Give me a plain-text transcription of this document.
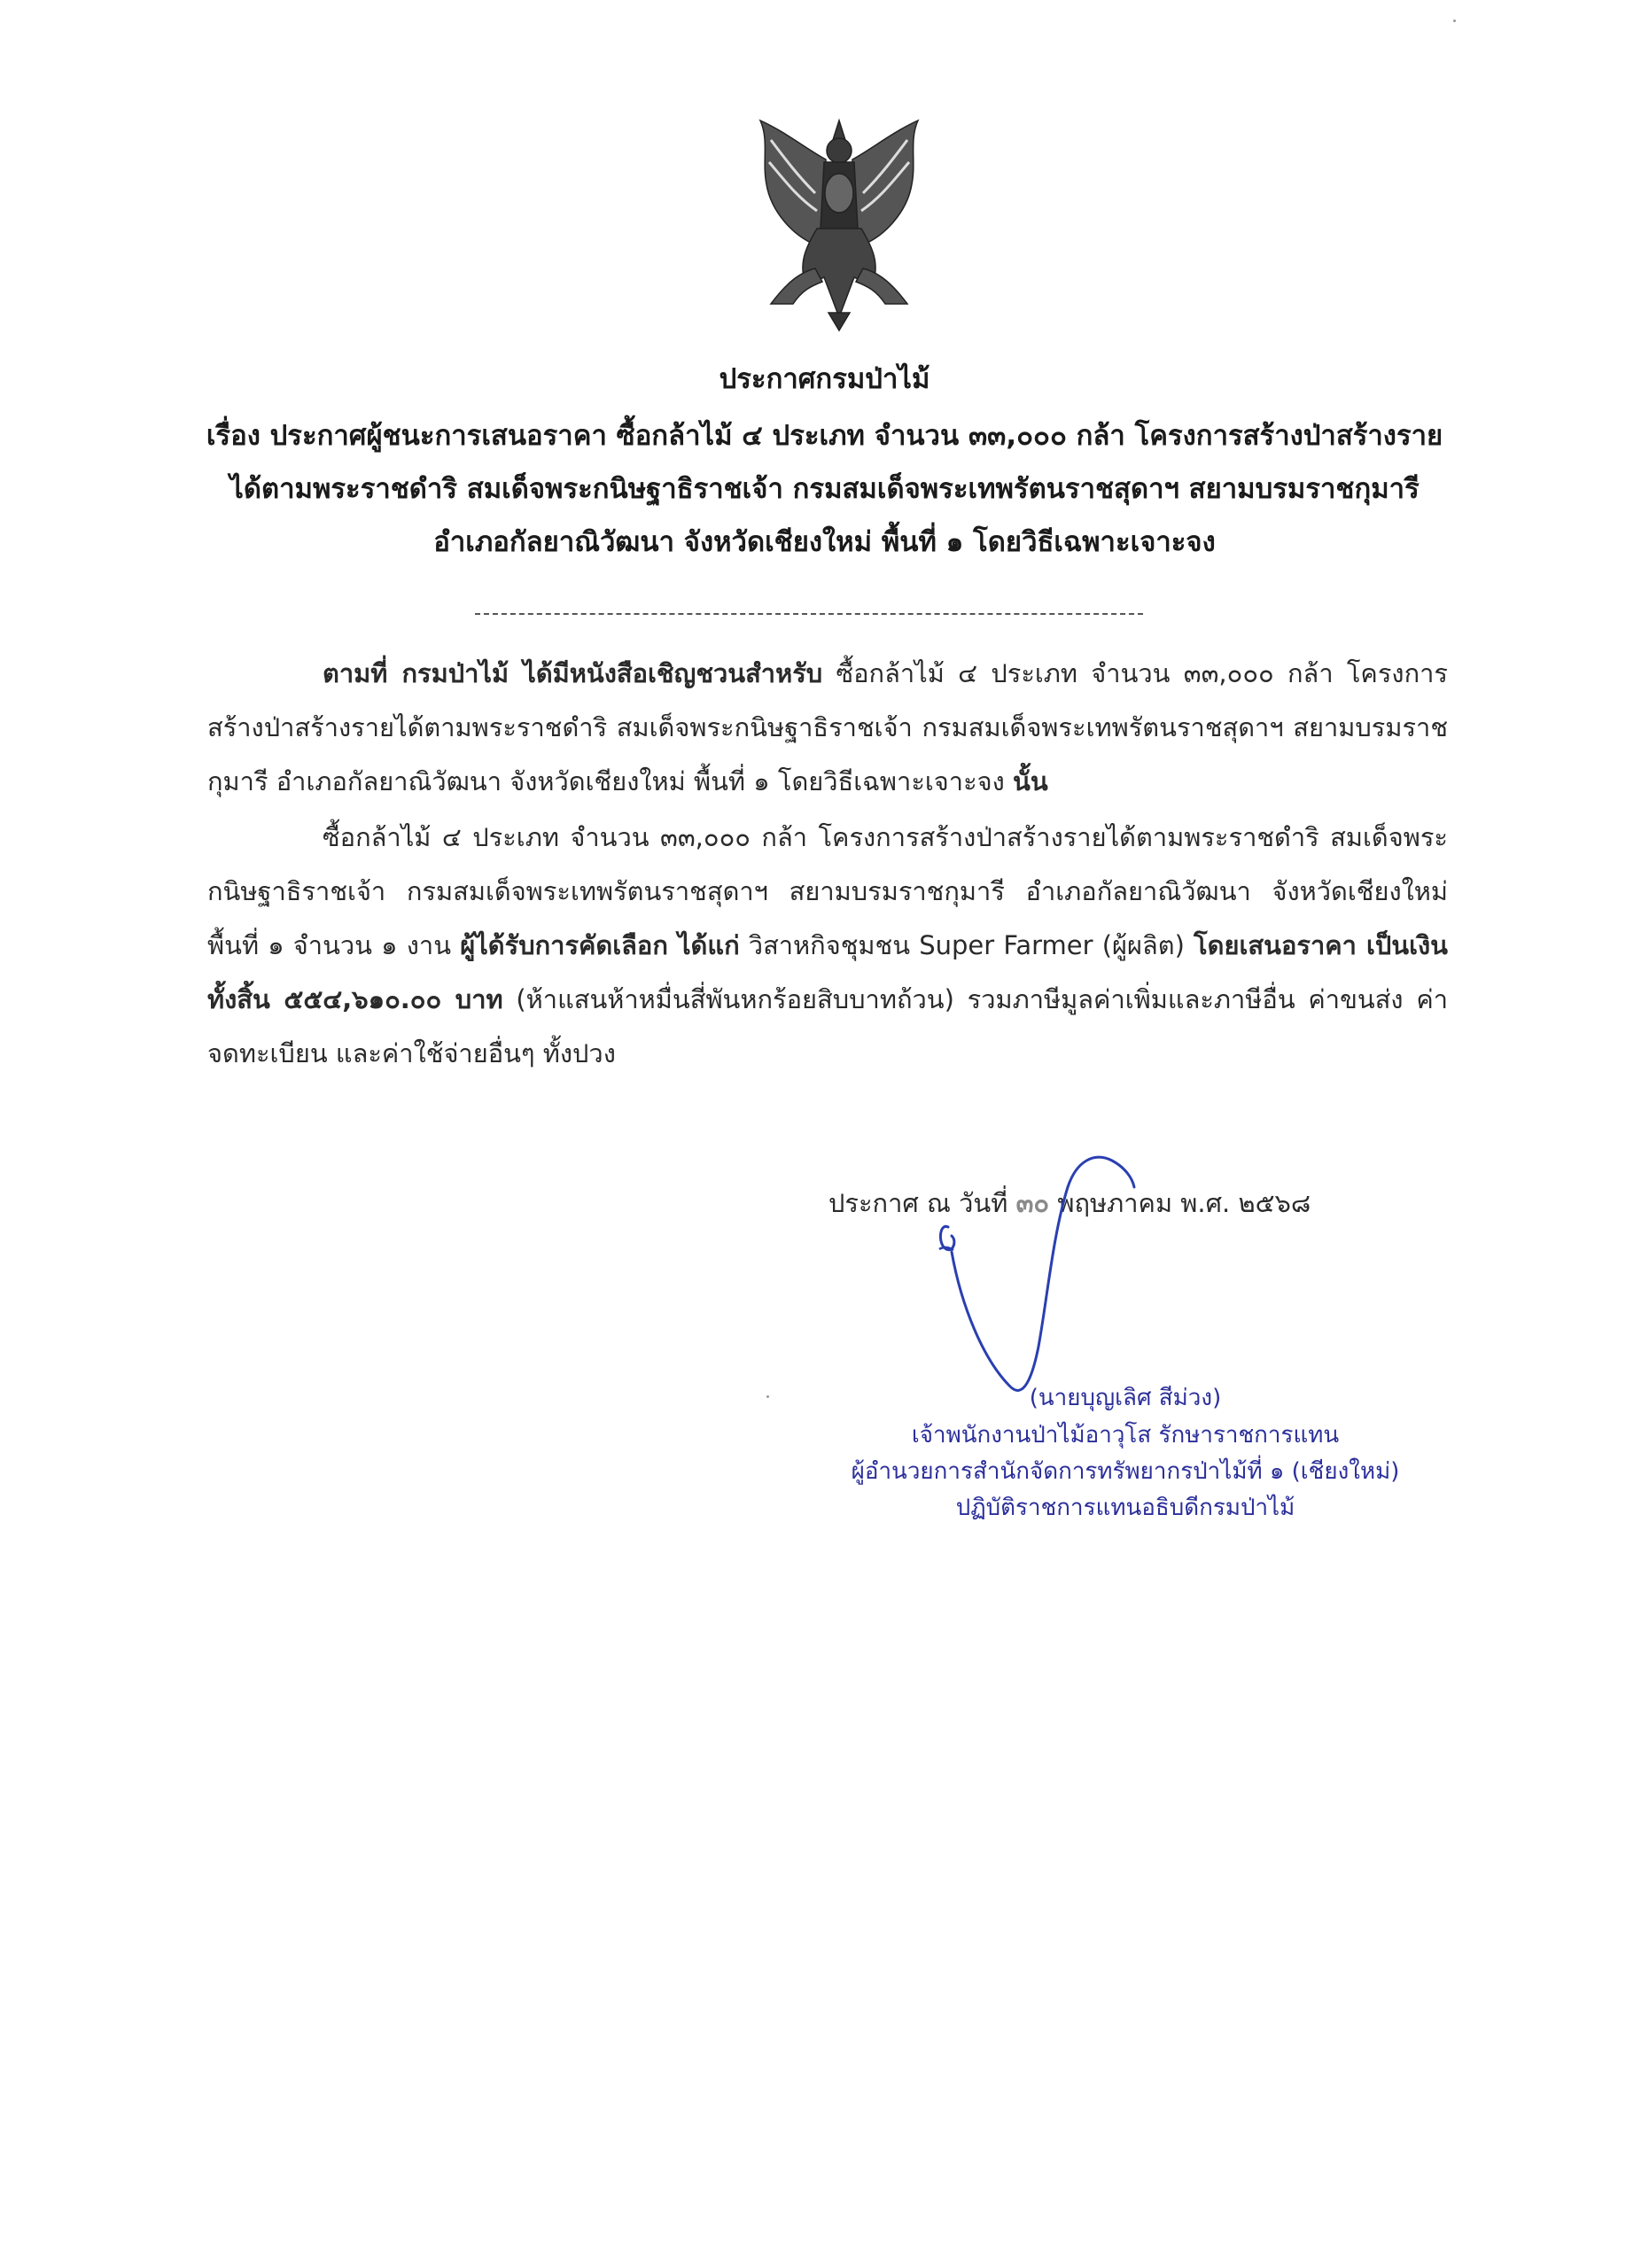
ประกาศกรมป่าไม้
เรื่อง ประกาศผู้ชนะการเสนอราคา ซื้อกล้าไม้ ๔ ประเภท จำนวน ๓๓,๐๐๐ กล้า โครงการสร้างป่าสร้างรายได้ตามพระราชดำริ สมเด็จพระกนิษฐาธิราชเจ้า กรมสมเด็จพระเทพรัตนราชสุดาฯ สยามบรมราชกุมารี อำเภอกัลยาณิวัฒนา จังหวัดเชียงใหม่ พื้นที่ ๑ โดยวิธีเฉพาะเจาะจง
ตามที่ กรมป่าไม้ ได้มีหนังสือเชิญชวนสำหรับ ซื้อกล้าไม้ ๔ ประเภท จำนวน ๓๓,๐๐๐ กล้า โครงการสร้างป่าสร้างรายได้ตามพระราชดำริ สมเด็จพระกนิษฐาธิราชเจ้า กรมสมเด็จพระเทพรัตนราชสุดาฯ สยามบรมราชกุมารี อำเภอกัลยาณิวัฒนา จังหวัดเชียงใหม่ พื้นที่ ๑ โดยวิธีเฉพาะเจาะจง นั้น
ซื้อกล้าไม้ ๔ ประเภท จำนวน ๓๓,๐๐๐ กล้า โครงการสร้างป่าสร้างรายได้ตามพระราชดำริ สมเด็จพระกนิษฐาธิราชเจ้า กรมสมเด็จพระเทพรัตนราชสุดาฯ สยามบรมราชกุมารี อำเภอกัลยาณิวัฒนา จังหวัดเชียงใหม่ พื้นที่ ๑ จำนวน ๑ งาน ผู้ได้รับการคัดเลือก ได้แก่ วิสาหกิจชุมชน Super Farmer (ผู้ผลิต) โดยเสนอราคา เป็นเงินทั้งสิ้น ๕๕๔,๖๑๐.๐๐ บาท (ห้าแสนห้าหมื่นสี่พันหกร้อยสิบบาทถ้วน) รวมภาษีมูลค่าเพิ่มและภาษีอื่น ค่าขนส่ง ค่าจดทะเบียน และค่าใช้จ่ายอื่นๆ ทั้งปวง
ประกาศ ณ วันที่ ๓๐ พฤษภาคม พ.ศ. ๒๕๖๘
(นายบุญเลิศ สีม่วง)
เจ้าพนักงานป่าไม้อาวุโส รักษาราชการแทน
ผู้อำนวยการสำนักจัดการทรัพยากรป่าไม้ที่ ๑ (เชียงใหม่)
ปฏิบัติราชการแทนอธิบดีกรมป่าไม้
